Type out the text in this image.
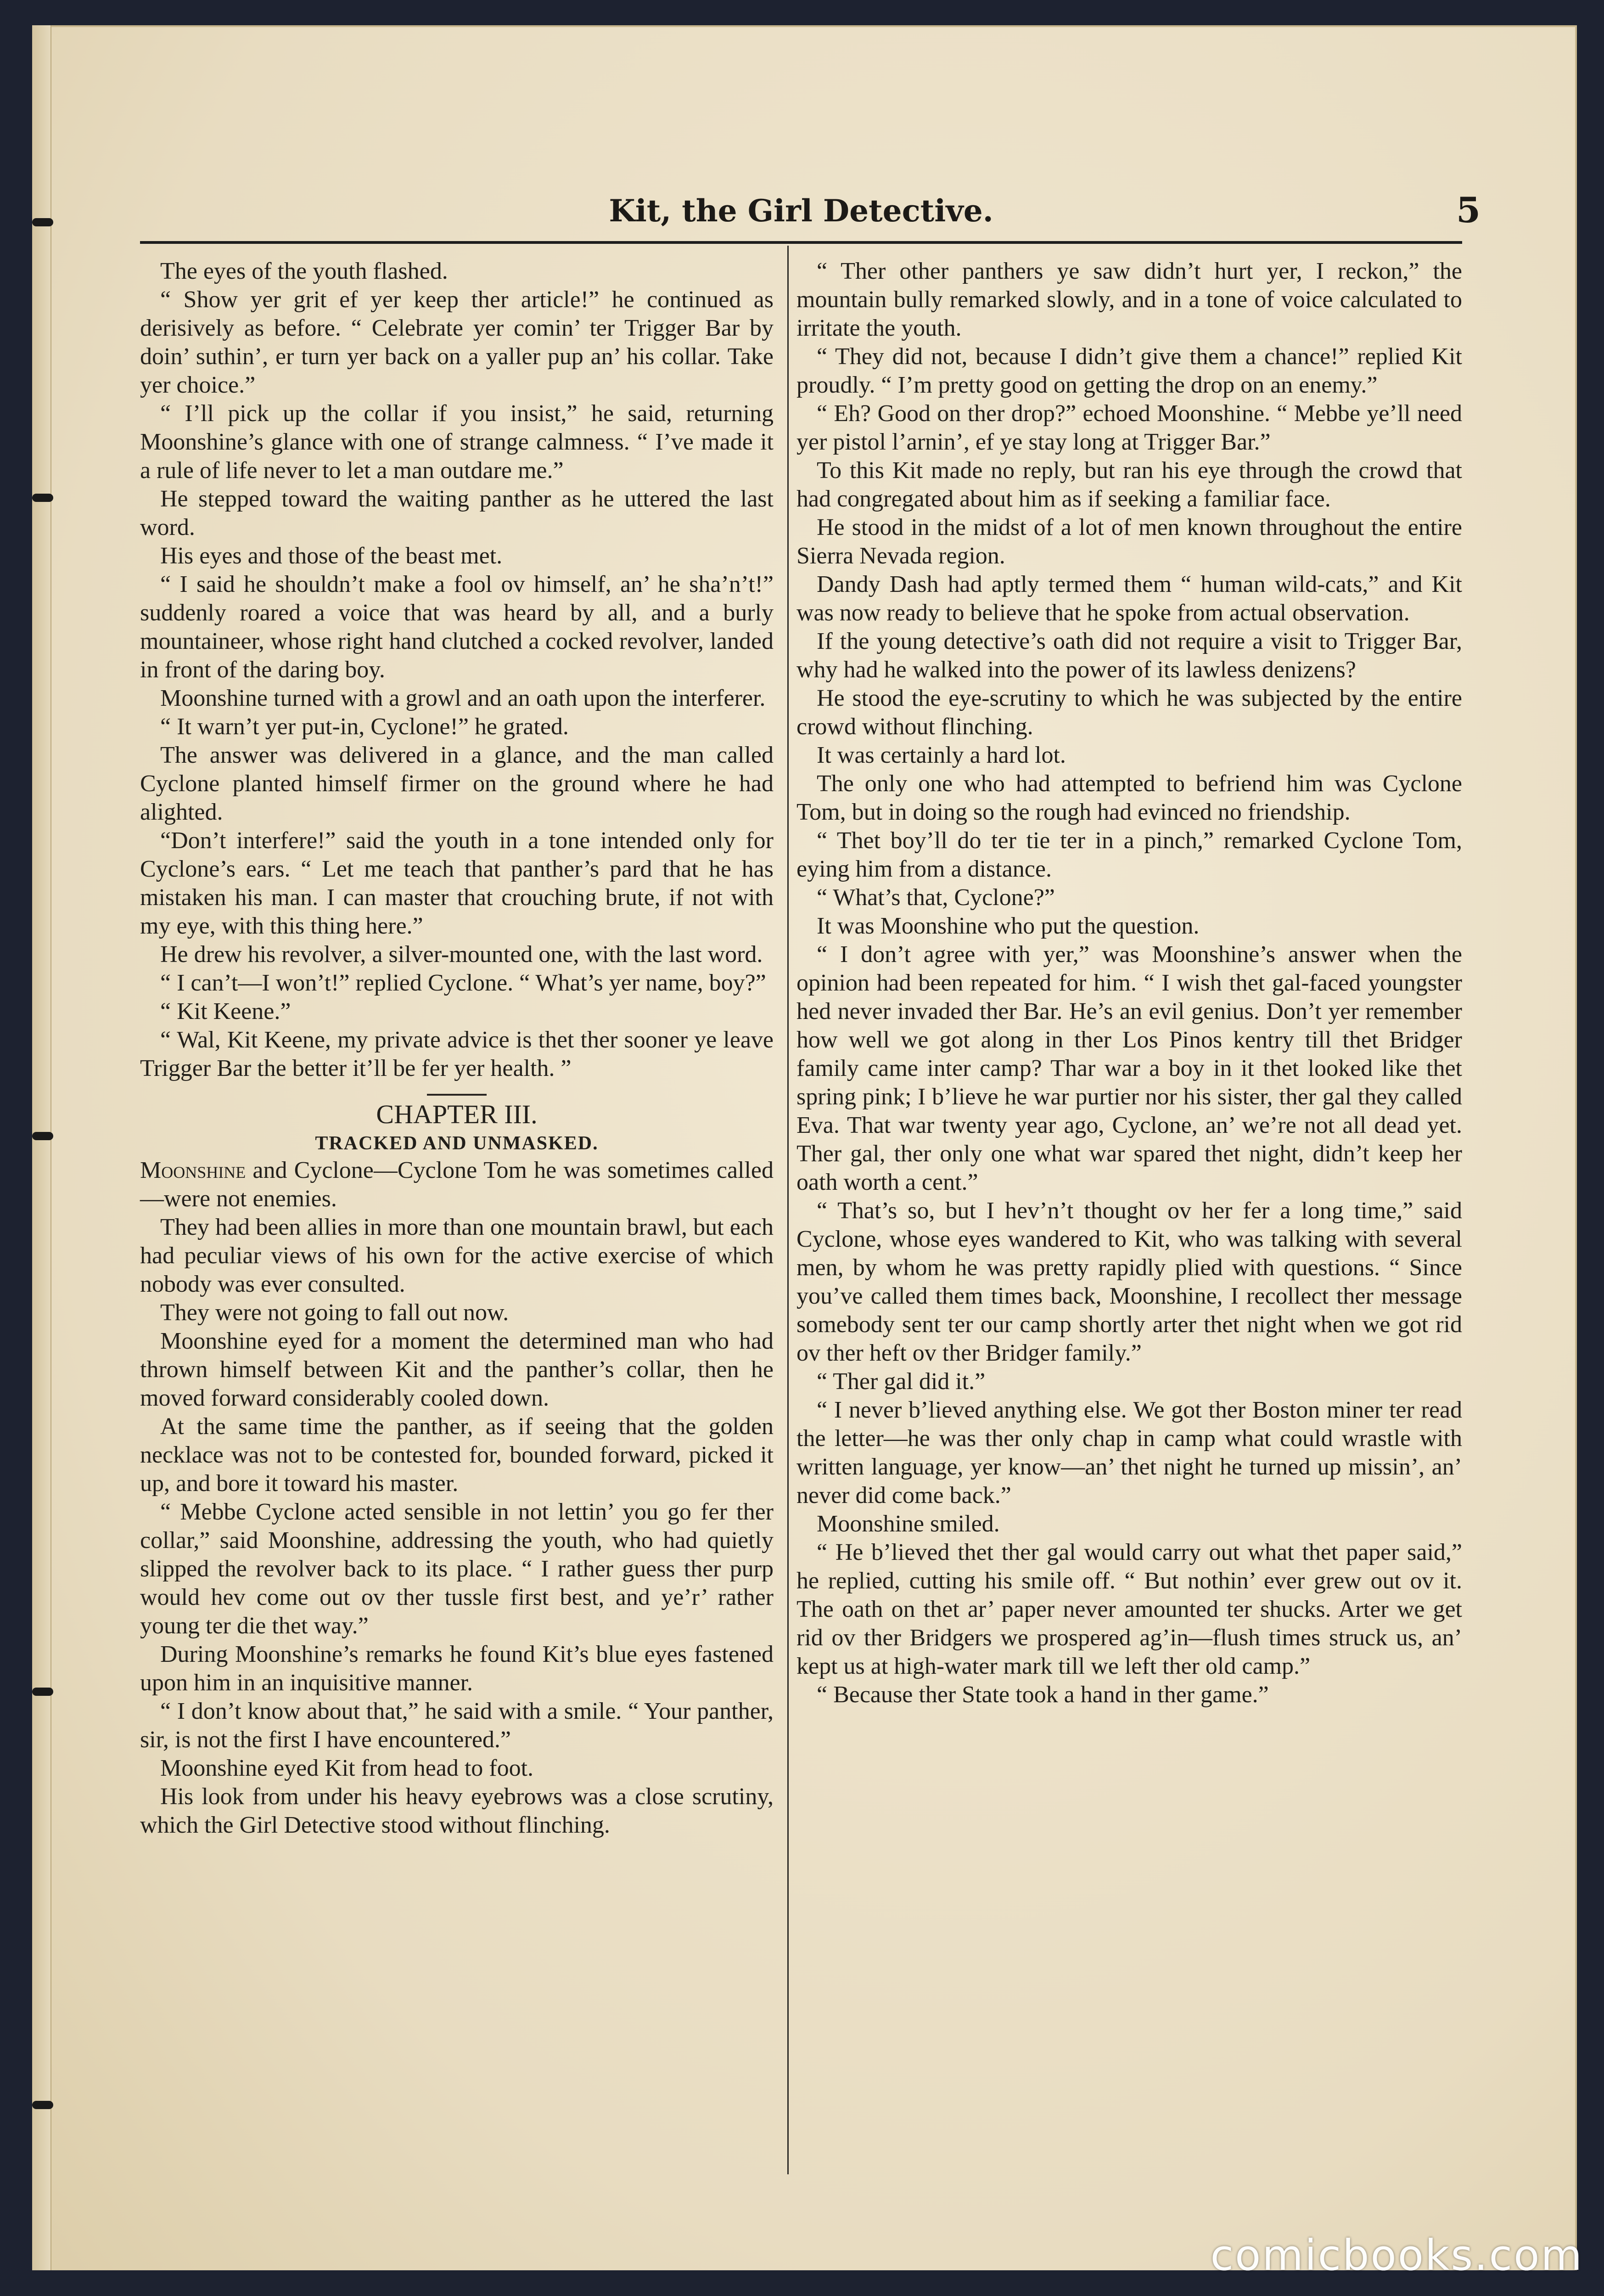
Kit, the Girl Detective.	5

The eyes of the youth flashed.

“ Show yer grit ef yer keep ther article!” he continued as derisively as before. “ Celebrate yer comin’ ter Trigger Bar by doin’ suthin’, er turn yer back on a yaller pup an’ his collar. Take yer choice.”

“ I’ll pick up the collar if you insist,” he said, returning Moonshine’s glance with one of strange calmness. “ I’ve made it a rule of life never to let a man outdare me.”

He stepped toward the waiting panther as he uttered the last word.

His eyes and those of the beast met.

“ I said he shouldn’t make a fool ov himself, an’ he sha’n’t!” suddenly roared a voice that was heard by all, and a burly mountaineer, whose right hand clutched a cocked revolver, landed in front of the daring boy.

Moonshine turned with a growl and an oath upon the interferer.

“ It warn’t yer put-in, Cyclone!” he grated.

The answer was delivered in a glance, and the man called Cyclone planted himself firmer on the ground where he had alighted.

“Don’t interfere!” said the youth in a tone intended only for Cyclone’s ears. “ Let me teach that panther’s pard that he has mistaken his man. I can master that crouching brute, if not with my eye, with this thing here.”

He drew his revolver, a silver-mounted one, with the last word.

“ I can’t—I won’t!” replied Cyclone. “ What’s yer name, boy?”

“ Kit Keene.”

“ Wal, Kit Keene, my private advice is thet ther sooner ye leave Trigger Bar the better it’ll be fer yer health. ”

CHAPTER III.
TRACKED AND UNMASKED.

Moonshine and Cyclone—Cyclone Tom he was sometimes called—were not enemies.

They had been allies in more than one mountain brawl, but each had peculiar views of his own for the active exercise of which nobody was ever consulted.

They were not going to fall out now.

Moonshine eyed for a moment the determined man who had thrown himself between Kit and the panther’s collar, then he moved forward considerably cooled down.

At the same time the panther, as if seeing that the golden necklace was not to be contested for, bounded forward, picked it up, and bore it toward his master.

“ Mebbe Cyclone acted sensible in not lettin’ you go fer ther collar,” said Moonshine, addressing the youth, who had quietly slipped the revolver back to its place. “ I rather guess ther purp would hev come out ov ther tussle first best, and ye’r’ rather young ter die thet way.”

During Moonshine’s remarks he found Kit’s blue eyes fastened upon him in an inquisitive manner.

“ I don’t know about that,” he said with a smile. “ Your panther, sir, is not the first I have encountered.”

Moonshine eyed Kit from head to foot.

His look from under his heavy eyebrows was a close scrutiny, which the Girl Detective stood without flinching.

“ Ther other panthers ye saw didn’t hurt yer, I reckon,” the mountain bully remarked slowly, and in a tone of voice calculated to irritate the youth.

“ They did not, because I didn’t give them a chance!” replied Kit proudly. “ I’m pretty good on getting the drop on an enemy.”

“ Eh? Good on ther drop?” echoed Moonshine. “ Mebbe ye’ll need yer pistol l’arnin’, ef ye stay long at Trigger Bar.”

To this Kit made no reply, but ran his eye through the crowd that had congregated about him as if seeking a familiar face.

He stood in the midst of a lot of men known throughout the entire Sierra Nevada region.

Dandy Dash had aptly termed them “ human wild-cats,” and Kit was now ready to believe that he spoke from actual observation.

If the young detective’s oath did not require a visit to Trigger Bar, why had he walked into the power of its lawless denizens?

He stood the eye-scrutiny to which he was subjected by the entire crowd without flinching.

It was certainly a hard lot.

The only one who had attempted to befriend him was Cyclone Tom, but in doing so the rough had evinced no friendship.

“ Thet boy’ll do ter tie ter in a pinch,” remarked Cyclone Tom, eying him from a distance.

“ What’s that, Cyclone?”

It was Moonshine who put the question.

“ I don’t agree with yer,” was Moonshine’s answer when the opinion had been repeated for him. “ I wish thet gal-faced youngster hed never invaded ther Bar. He’s an evil genius. Don’t yer remember how well we got along in ther Los Pinos kentry till thet Bridger family came inter camp? Thar war a boy in it thet looked like thet spring pink; I b’lieve he war purtier nor his sister, ther gal they called Eva. That war twenty year ago, Cyclone, an’ we’re not all dead yet. Ther gal, ther only one what war spared thet night, didn’t keep her oath worth a cent.”

“ That’s so, but I hev’n’t thought ov her fer a long time,” said Cyclone, whose eyes wandered to Kit, who was talking with several men, by whom he was pretty rapidly plied with questions. “ Since you’ve called them times back, Moonshine, I recollect ther message somebody sent ter our camp shortly arter thet night when we got rid ov ther heft ov ther Bridger family.”

“ Ther gal did it.”

“ I never b’lieved anything else. We got ther Boston miner ter read the letter—he was ther only chap in camp what could wrastle with written language, yer know—an’ thet night he turned up missin’, an’ never did come back.”

Moonshine smiled.

“ He b’lieved thet ther gal would carry out what thet paper said,” he replied, cutting his smile off. “ But nothin’ ever grew out ov it. The oath on thet ar’ paper never amounted ter shucks. Arter we get rid ov ther Bridgers we prospered ag’in—flush times struck us, an’ kept us at high-water mark till we left ther old camp.”

“ Because ther State took a hand in ther game.”

comicbooks.com
